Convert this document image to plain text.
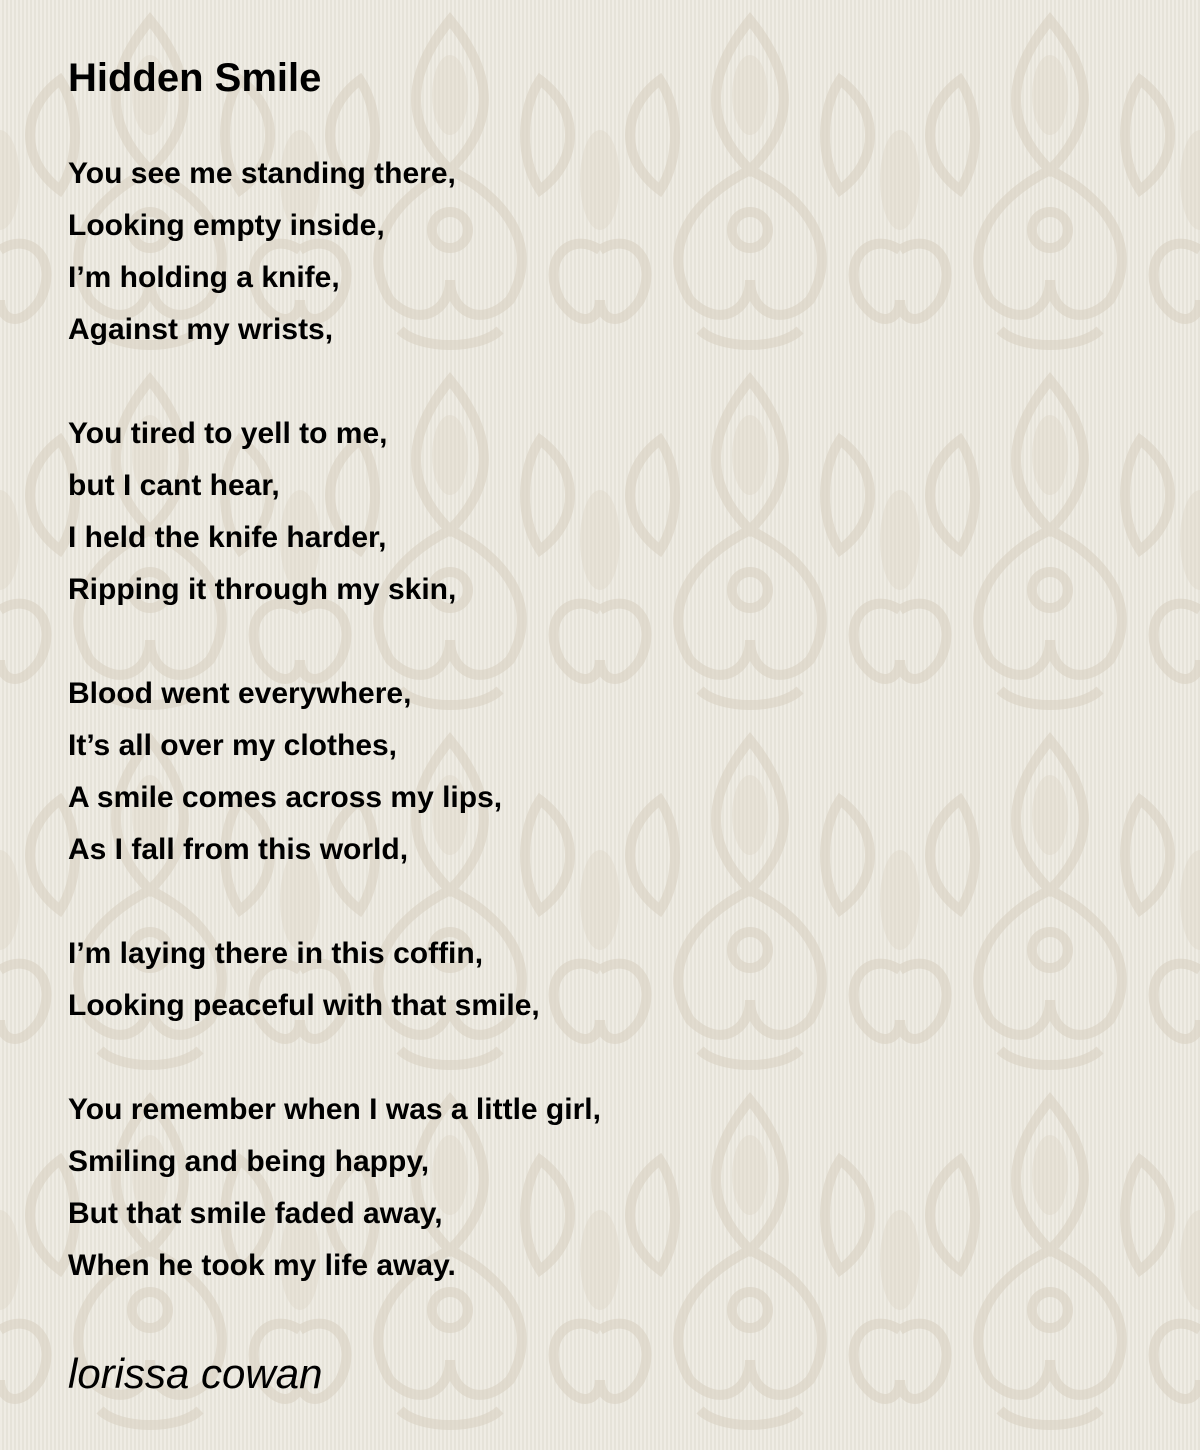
Hidden Smile
You see me standing there,
Looking empty inside,
I’m holding a knife,
Against my wrists,
You tired to yell to me,
but I cant hear,
I held the knife harder,
Ripping it through my skin,
Blood went everywhere,
It’s all over my clothes,
A smile comes across my lips,
As I fall from this world,
I’m laying there in this coffin,
Looking peaceful with that smile,
You remember when I was a little girl,
Smiling and being happy,
But that smile faded away,
When he took my life away.

lorissa cowan
